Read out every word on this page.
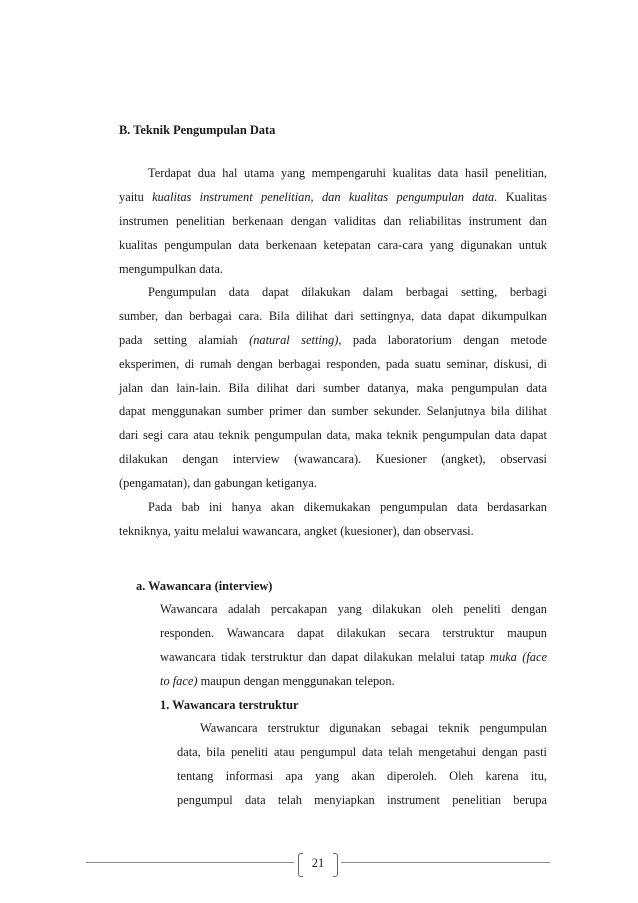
B. Teknik Pengumpulan Data
Terdapat dua hal utama yang mempengaruhi kualitas data hasil penelitian,
yaitu kualitas instrument penelitian, dan kualitas pengumpulan data. Kualitas
instrumen penelitian berkenaan dengan validitas dan reliabilitas instrument dan
kualitas pengumpulan data berkenaan ketepatan cara-cara yang digunakan untuk
mengumpulkan data.
Pengumpulan data dapat dilakukan dalam berbagai setting, berbagi
sumber, dan berbagai cara. Bila dilihat dari settingnya, data dapat dikumpulkan
pada setting alamiah (natural setting), pada laboratorium dengan metode
eksperimen, di rumah dengan berbagai responden, pada suatu seminar, diskusi, di
jalan dan lain-lain. Bila dilihat dari sumber datanya, maka pengumpulan data
dapat menggunakan sumber primer dan sumber sekunder. Selanjutnya bila dilihat
dari segi cara atau teknik pengumpulan data, maka teknik pengumpulan data dapat
dilakukan dengan interview (wawancara). Kuesioner (angket), observasi
(pengamatan), dan gabungan ketiganya.
Pada bab ini hanya akan dikemukakan pengumpulan data berdasarkan
tekniknya, yaitu melalui wawancara, angket (kuesioner), dan observasi.
a. Wawancara (interview)
Wawancara adalah percakapan yang dilakukan oleh peneliti dengan
responden. Wawancara dapat dilakukan secara terstruktur maupun
wawancara tidak terstruktur dan dapat dilakukan melalui tatap muka (face
to face) maupun dengan menggunakan telepon.
1. Wawancara terstruktur
Wawancara terstruktur digunakan sebagai teknik pengumpulan
data, bila peneliti atau pengumpul data telah mengetahui dengan pasti
tentang informasi apa yang akan diperoleh. Oleh karena itu,
pengumpul data telah menyiapkan instrument penelitian berupa
21
